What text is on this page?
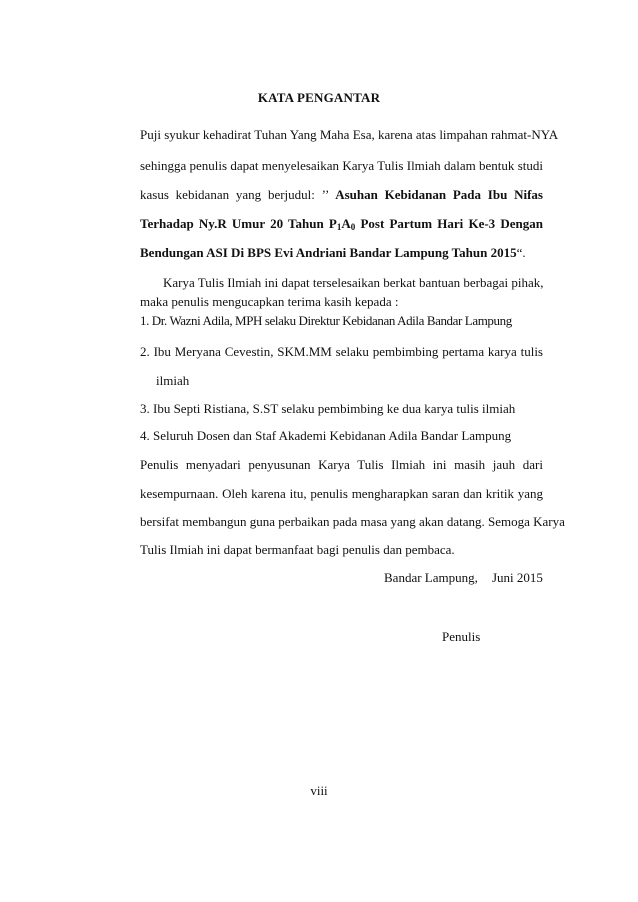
KATA PENGANTAR
Puji syukur kehadirat Tuhan Yang Maha Esa, karena atas limpahan rahmat-NYA
sehingga penulis dapat menyelesaikan Karya Tulis Ilmiah dalam bentuk studi
kasus kebidanan yang berjudul: ’’ Asuhan Kebidanan Pada Ibu Nifas
Terhadap Ny.R Umur 20 Tahun $P_1A_0$ Post Partum Hari Ke-3 Dengan
Bendungan ASI Di BPS Evi Andriani Bandar Lampung Tahun 2015“.
Karya Tulis Ilmiah ini dapat terselesaikan berkat bantuan berbagai pihak,
maka penulis mengucapkan terima kasih kepada :
1. Dr. Wazni Adila, MPH selaku Direktur Kebidanan Adila Bandar Lampung
2. Ibu Meryana Cevestin, SKM.MM selaku pembimbing pertama karya tulis
ilmiah
3. Ibu Septi Ristiana, S.ST selaku pembimbing ke dua karya tulis ilmiah
4. Seluruh Dosen dan Staf Akademi Kebidanan Adila Bandar Lampung
Penulis menyadari penyusunan Karya Tulis Ilmiah ini masih jauh dari
kesempurnaan. Oleh karena itu, penulis mengharapkan saran dan kritik yang
bersifat membangun guna perbaikan pada masa yang akan datang. Semoga Karya
Tulis Ilmiah ini dapat bermanfaat bagi penulis dan pembaca.
Bandar Lampung, Juni 2015
Penulis
viii
